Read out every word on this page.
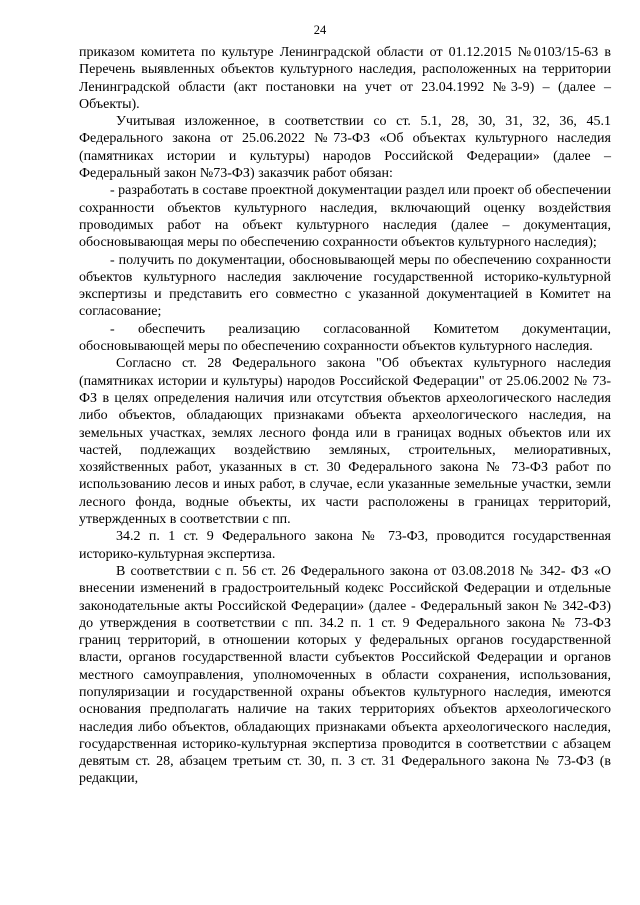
24

приказом комитета по культуре Ленинградской области от 01.12.2015 №0103/15-63 в Перечень выявленных объектов культурного наследия, расположенных на территории Ленинградской области (акт постановки на учет от 23.04.1992 №3-9) – (далее – Объекты).

Учитывая изложенное, в соответствии со ст. 5.1, 28, 30, 31, 32, 36, 45.1 Федерального закона от 25.06.2022 №73-ФЗ «Об объектах культурного наследия (памятниках истории и культуры) народов Российской Федерации» (далее – Федеральный закон №73-ФЗ) заказчик работ обязан:

- разработать в составе проектной документации раздел или проект об обеспечении сохранности объектов культурного наследия, включающий оценку воздействия проводимых работ на объект культурного наследия (далее – документация, обосновывающая меры по обеспечению сохранности объектов культурного наследия);

- получить по документации, обосновывающей меры по обеспечению сохранности объектов культурного наследия заключение государственной историко-культурной экспертизы и представить его совместно с указанной документацией в Комитет на согласование;

- обеспечить реализацию согласованной Комитетом документации, обосновывающей меры по обеспечению сохранности объектов культурного наследия.

Согласно ст. 28 Федерального закона "Об объектах культурного наследия (памятниках истории и культуры) народов Российской Федерации" от 25.06.2002 № 73-ФЗ в целях определения наличия или отсутствия объектов археологического наследия либо объектов, обладающих признаками объекта археологического наследия, на земельных участках, землях лесного фонда или в границах водных объектов или их частей, подлежащих воздействию земляных, строительных, мелиоративных, хозяйственных работ, указанных в ст. 30 Федерального закона № 73-ФЗ работ по использованию лесов и иных работ, в случае, если указанные земельные участки, земли лесного фонда, водные объекты, их части расположены в границах территорий, утвержденных в соответствии с пп.

34.2 п. 1 ст. 9 Федерального закона № 73-ФЗ, проводится государственная историко-культурная экспертиза.

В соответствии с п. 56 ст. 26 Федерального закона от 03.08.2018 № 342- ФЗ «О внесении изменений в градостроительный кодекс Российской Федерации и отдельные законодательные акты Российской Федерации» (далее - Федеральный закон № 342-ФЗ) до утверждения в соответствии с пп. 34.2 п. 1 ст. 9 Федерального закона № 73-ФЗ границ территорий, в отношении которых у федеральных органов государственной власти, органов государственной власти субъектов Российской Федерации и органов местного самоуправления, уполномоченных в области сохранения, использования, популяризации и государственной охраны объектов культурного наследия, имеются основания предполагать наличие на таких территориях объектов археологического наследия либо объектов, обладающих признаками объекта археологического наследия, государственная историко-культурная экспертиза проводится в соответствии с абзацем девятым ст. 28, абзацем третьим ст. 30, п. 3 ст. 31 Федерального закона № 73-ФЗ (в редакции,
